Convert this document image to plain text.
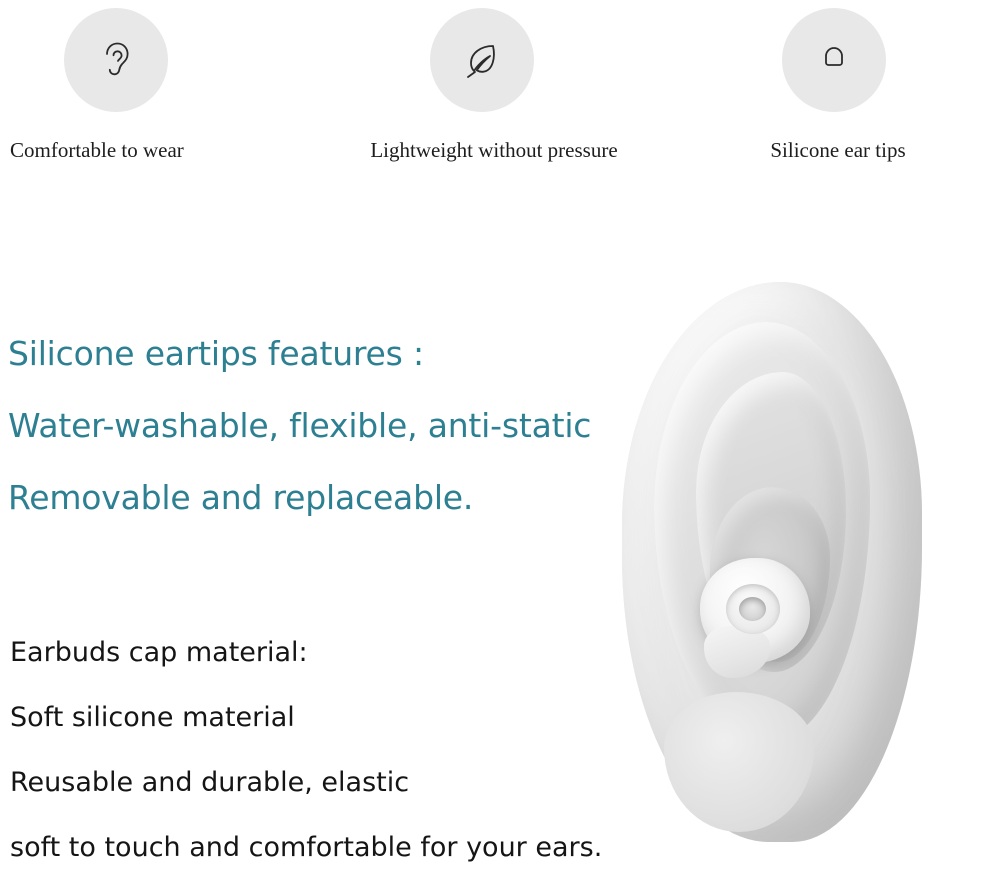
Comfortable to wear	Lightweight without pressure	Silicone ear tips
Silicone eartips features :
Water-washable, flexible, anti-static
Removable and replaceable.
Earbuds cap material:
Soft silicone material
Reusable and durable, elastic
soft to touch and comfortable for your ears.
